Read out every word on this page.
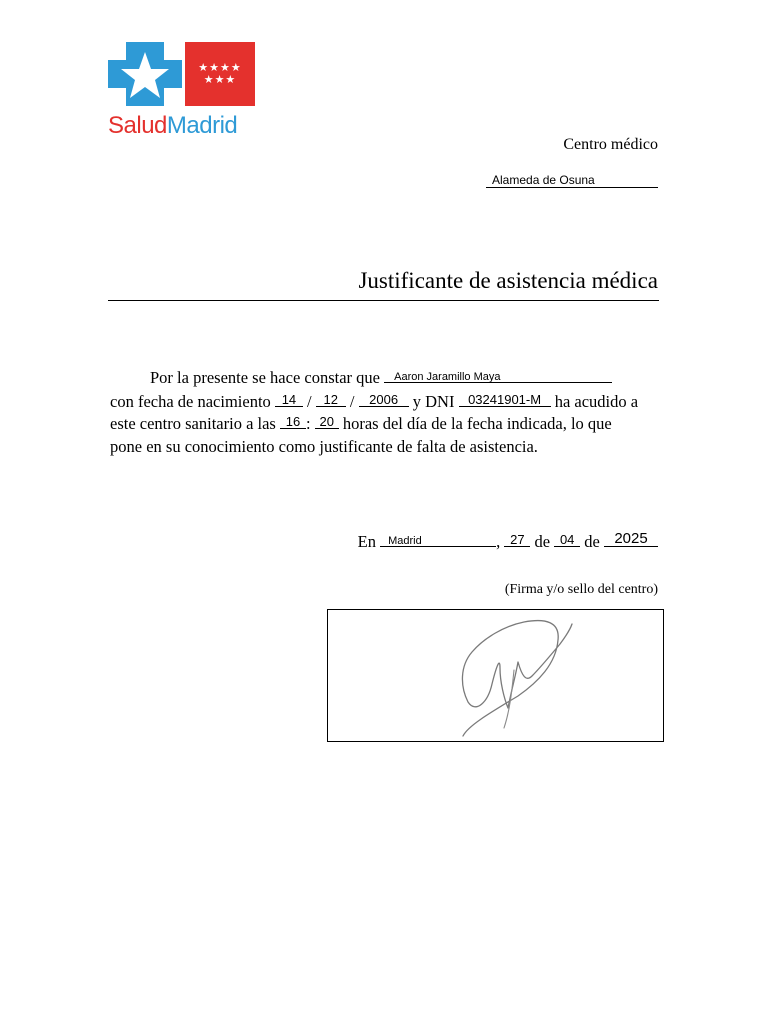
★★★★
★★★
SaludMadrid
Centro médico
Alameda de Osuna
Justificante de asistencia médica
Por la presente se hace constar que Aaron Jaramillo Maya
con fecha de nacimiento 14 / 12 /	2006 y DNI	03241901-M ha acudido a
este centro sanitario a las 16 : 20 horas del día de la fecha indicada, lo que
pone en su conocimiento como justificante de falta de asistencia.
En Madrid	, 27 de 04 de 2025
(Firma y/o sello del centro)
